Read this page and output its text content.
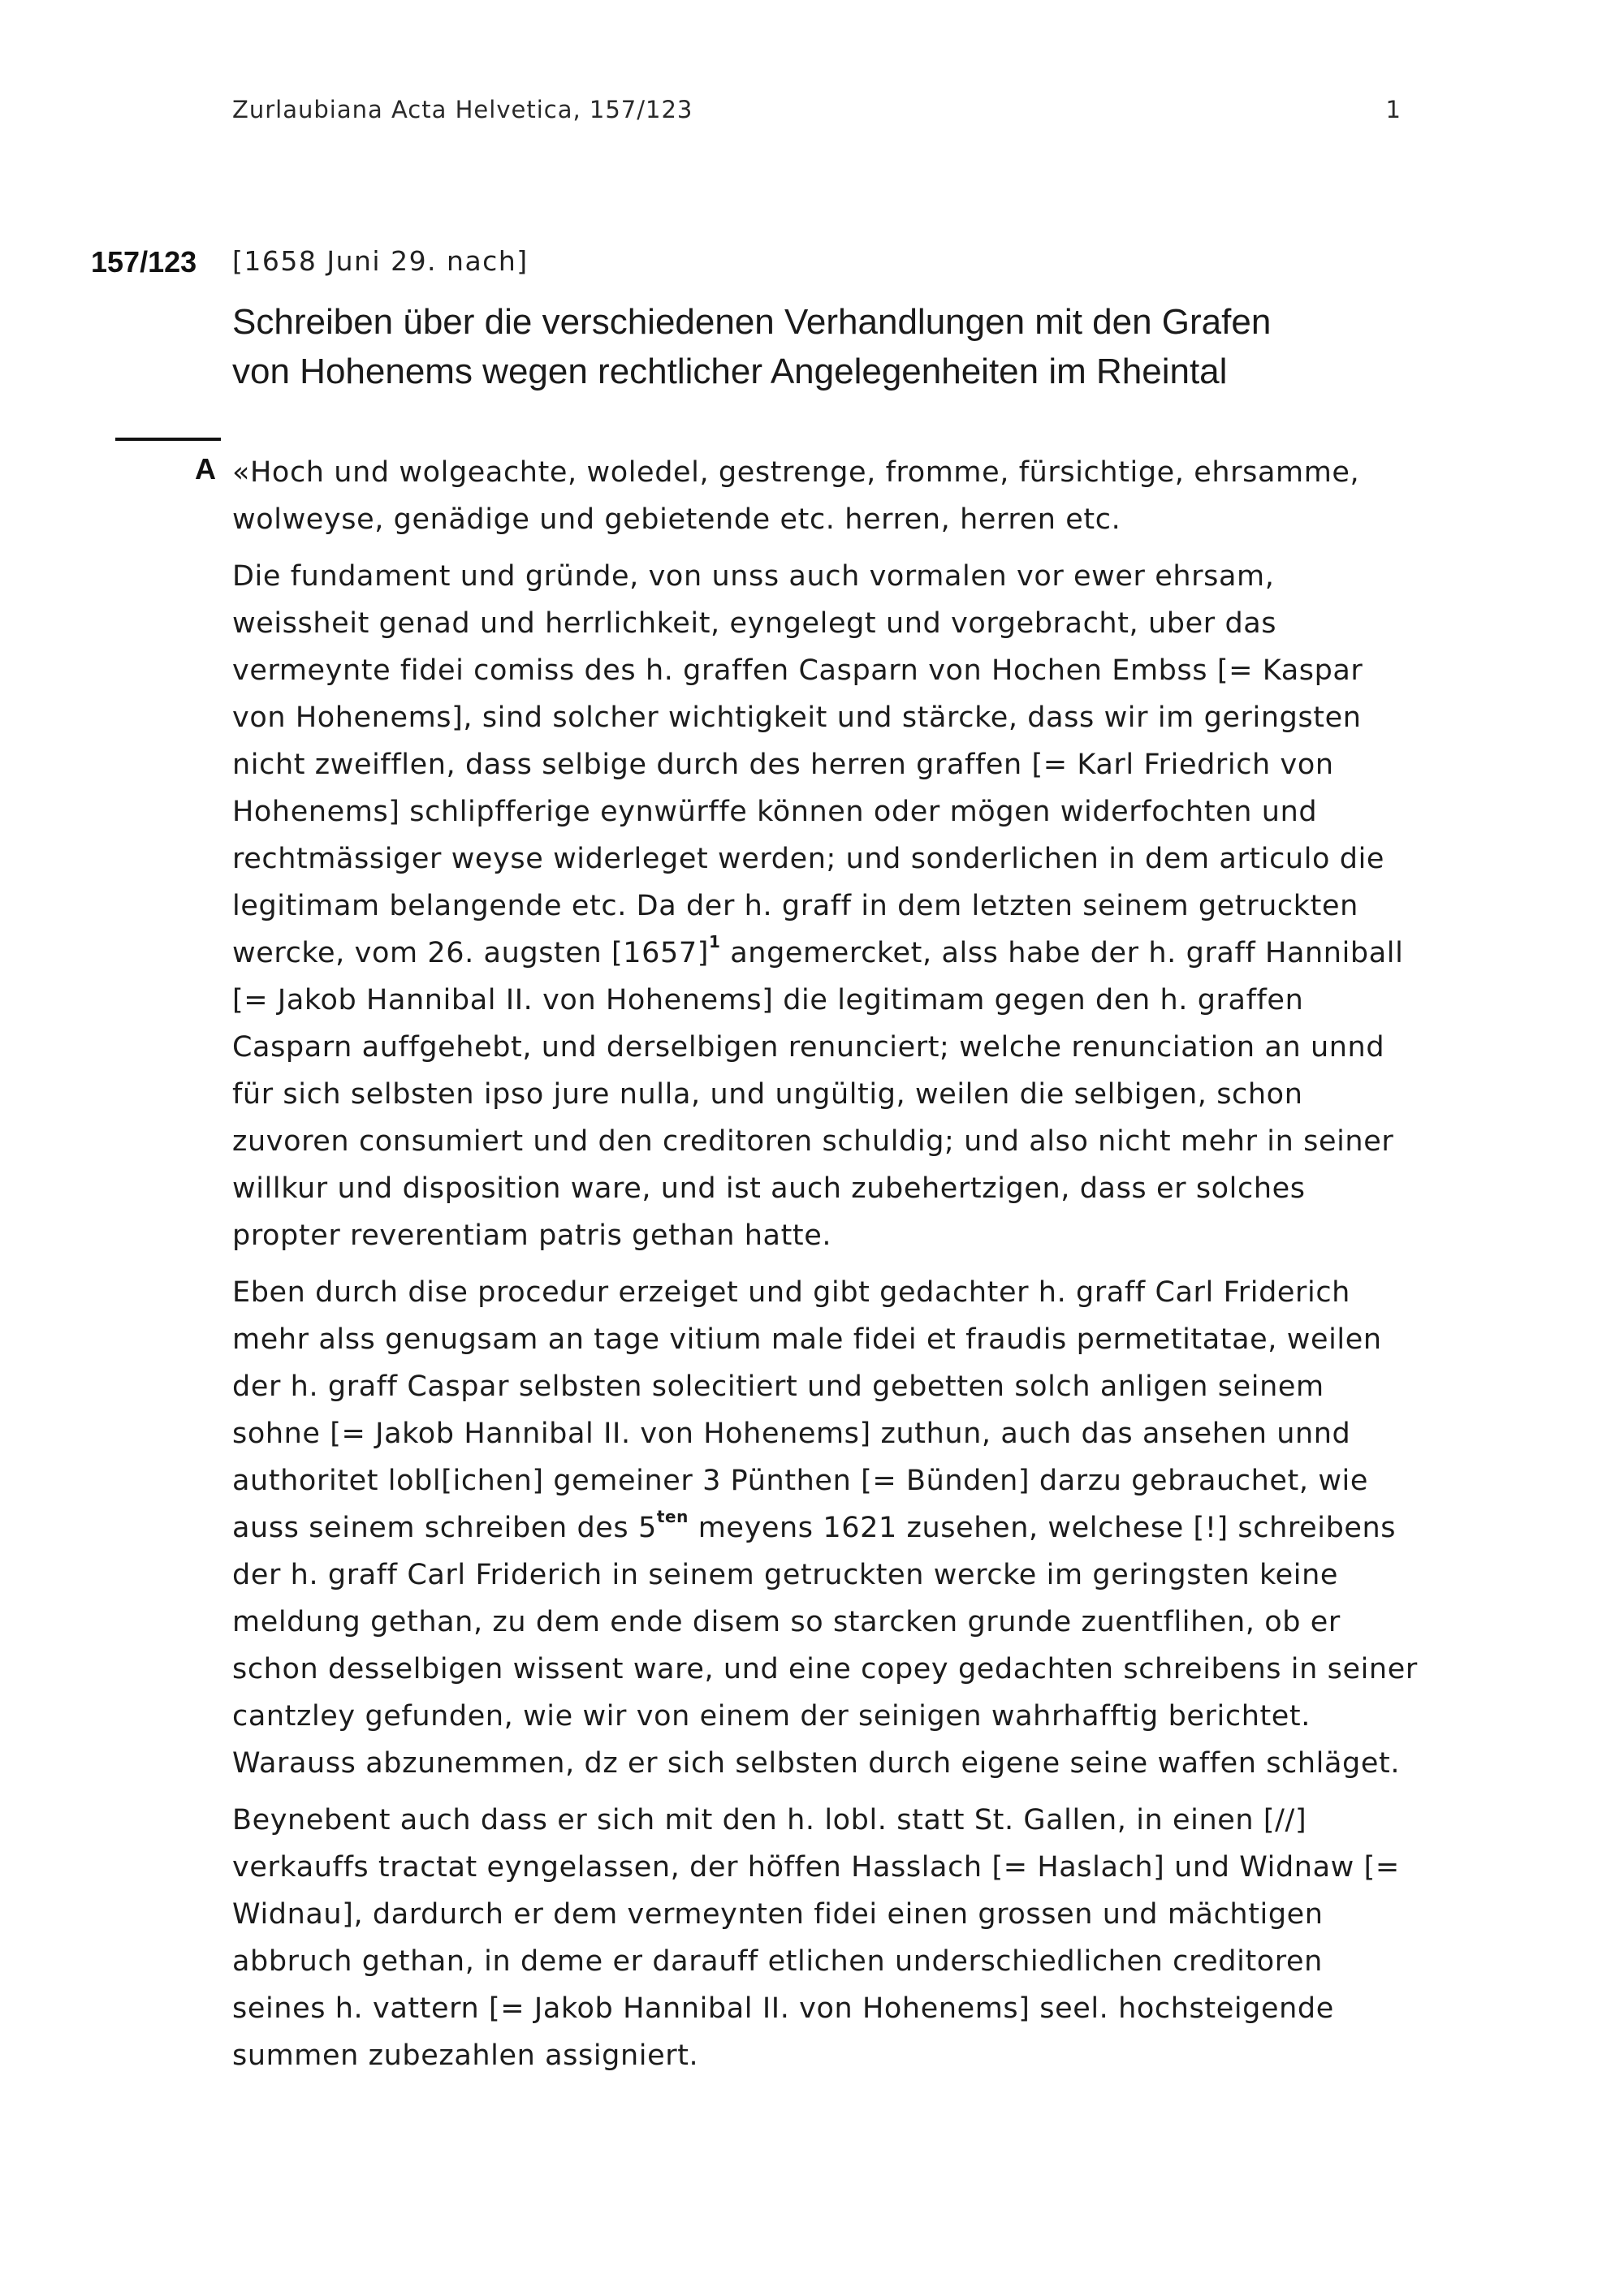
Zurlaubiana Acta Helvetica, 157/123	1
157/123 [1658 Juni 29. nach]
Schreiben über die verschiedenen Verhandlungen mit den Grafen
von Hohenems wegen rechtlicher Angelegenheiten im Rheintal
A «Hoch und wolgeachte, woledel, gestrenge, fromme, fürsichtige, ehrsamme, wolweyse, genädige und gebietende etc. herren, herren etc.

Die fundament und gründe, von unss auch vormalen vor ewer ehrsam, weissheit genad und herrlichkeit, eyngelegt und vorgebracht, uber das vermeynte fidei comiss des h. graffen Casparn von Hochen Embss [= Kaspar von Hohenems], sind solcher wichtigkeit und stärcke, dass wir im geringsten nicht zweifflen, dass selbige durch des herren graffen [= Karl Friedrich von Hohenems] schlipfferige eynwürffe können oder mögen widerfochten und rechtmässiger weyse widerleget werden; und sonderlichen in dem articulo die legitimam belangende etc. Da der h. graff in dem letzten seinem getruckten wercke, vom 26. augsten $[1657]^1$ angemercket, alss habe der h. graff Hanniball [= Jakob Hannibal II. von Hohenems] die legitimam gegen den h. graffen Casparn auffgehebt, und derselbigen renunciert; welche renunciation an unnd für sich selbsten ipso jure nulla, und ungültig, weilen die selbigen, schon zuvoren consumiert und den creditoren schuldig; und also nicht mehr in seiner willkur und disposition ware, und ist auch zubehertzigen, dass er solches propter reverentiam patris gethan hatte.

Eben durch dise procedur erzeiget und gibt gedachter h. graff Carl Friderich mehr alss genugsam an tage vitium male fidei et fraudis permetitatae, weilen der h. graff Caspar selbsten solecitiert und gebetten solch anligen seinem sohne [= Jakob Hannibal II. von Hohenems] zuthun, auch das ansehen unnd authoritet lobl[ichen] gemeiner 3 Pünthen [= Bünden] darzu gebrauchet, wie auss seinem schreiben des $5^{ten}$ meyens 1621 zusehen, welchese [!] schreibens der h. graff Carl Friderich in seinem getruckten wercke im geringsten keine meldung gethan, zu dem ende disem so starcken grunde zuentflihen, ob er schon desselbigen wissent ware, und eine copey gedachten schreibens in seiner cantzley gefunden, wie wir von einem der seinigen wahrhafftig berichtet. Warauss abzunemmen, dz er sich selbsten durch eigene seine waffen schläget.

Beynebent auch dass er sich mit den h. lobl. statt St. Gallen, in einen [//] verkauffs tractat eyngelassen, der höffen Hasslach [= Haslach] und Widnaw [= Widnau], dardurch er dem vermeynten fidei einen grossen und mächtigen abbruch gethan, in deme er darauff etlichen underschiedlichen creditoren seines h. vattern [= Jakob Hannibal II. von Hohenems] seel. hochsteigende summen zubezahlen assigniert.
